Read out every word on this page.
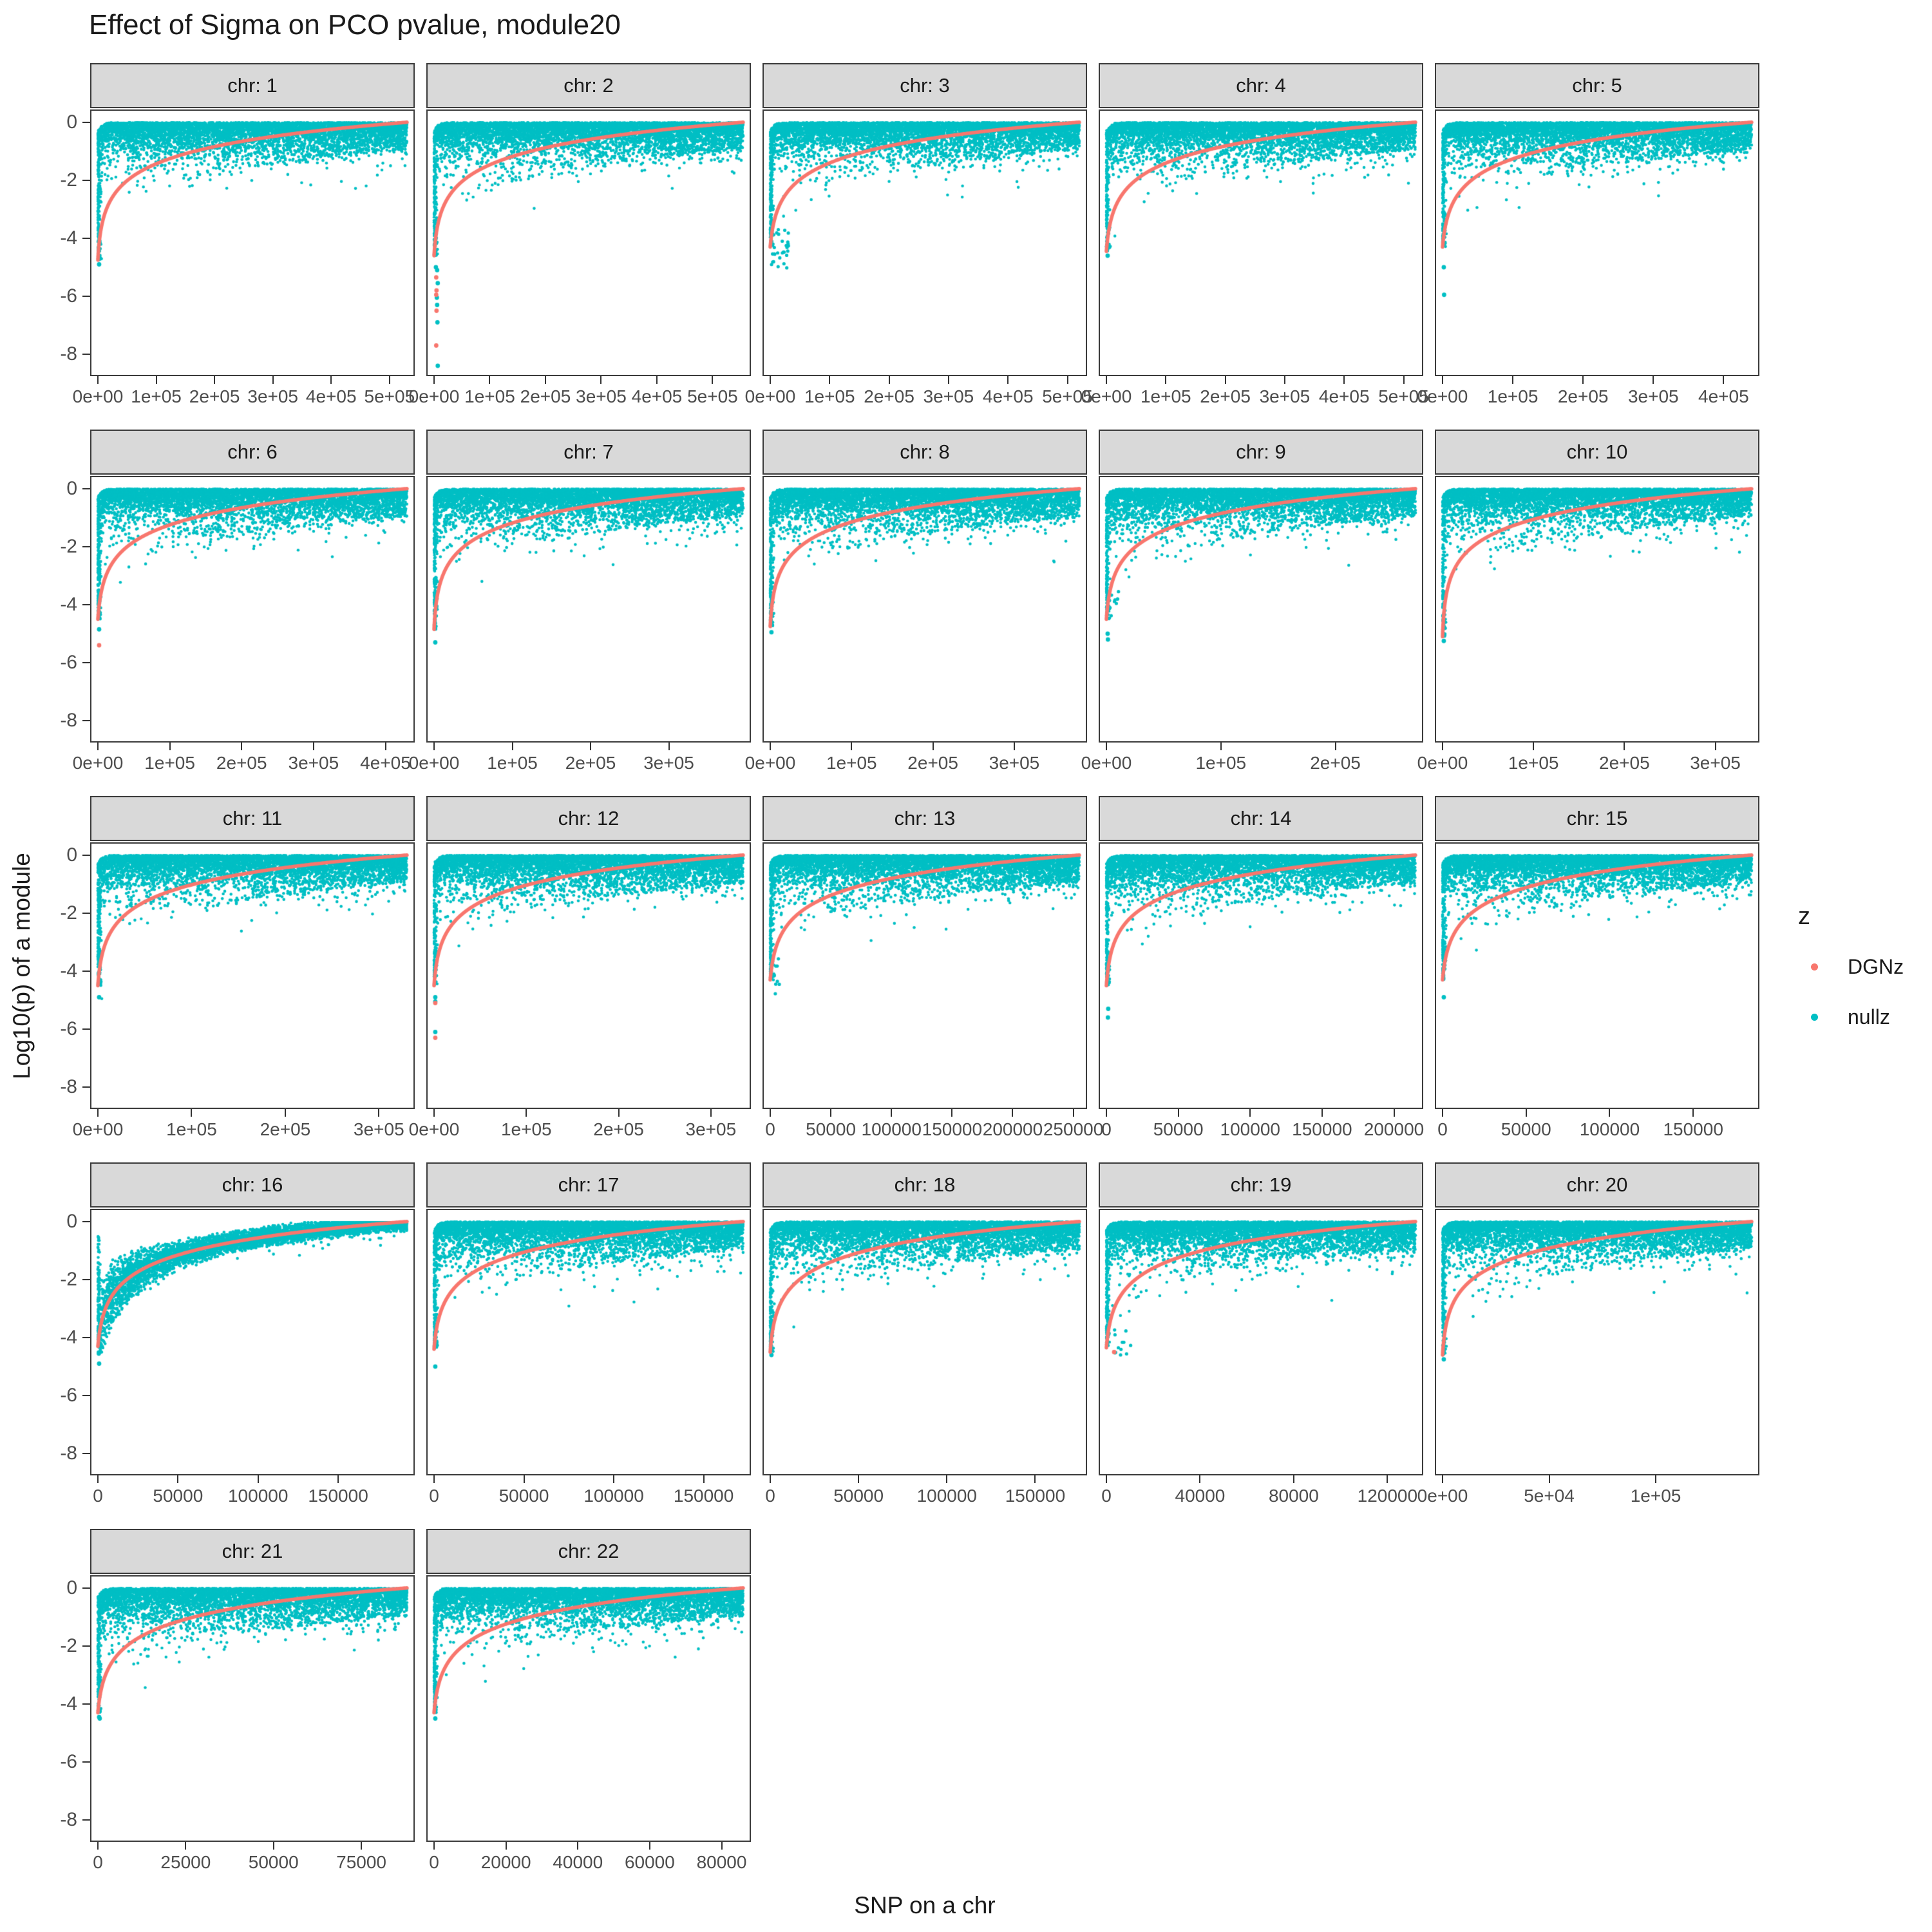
Effect of Sigma on PCO pvalue, module20
Log10(p) of a module
SNP on a chr
z
DGNz
nullz
chr: 1
0e+00 1e+05 2e+05 3e+05 4e+05 5e+05
0
-2
-4
-6
-8
chr: 2
0e+00 1e+05 2e+05 3e+05 4e+05 5e+05
chr: 3
0e+00 1e+05 2e+05 3e+05 4e+05 5e+05
chr: 4
0e+00 1e+05 2e+05 3e+05 4e+05 5e+05
chr: 5
0e+00 1e+05 2e+05 3e+05 4e+05
chr: 6
0e+00 1e+05 2e+05 3e+05 4e+05
0
-2
-4
-6
-8
chr: 7
0e+00 1e+05 2e+05 3e+05
chr: 8
0e+00 1e+05 2e+05 3e+05
chr: 9
0e+00	1e+05	2e+05
chr: 10
0e+00 1e+05 2e+05 3e+05
chr: 11
0e+00 1e+05 2e+05 3e+05
0
-2
-4
-6
-8
chr: 12
0e+00 1e+05 2e+05 3e+05
chr: 13
0 50000 100000 150000 200000 250000
chr: 14
0 50000 100000 150000 200000
chr: 15
0	50000 100000 150000
chr: 16
0	50000 100000 150000
0
-2
-4
-6
-8
chr: 17
0	50000 100000 150000
chr: 18
0	50000 100000 150000
chr: 19
0	40000 80000 120000
chr: 20
0e+00	5e+04	1e+05
chr: 21
0	25000 50000 75000
0
-2
-4
-6
-8
chr: 22
0 20000 40000 60000 80000
